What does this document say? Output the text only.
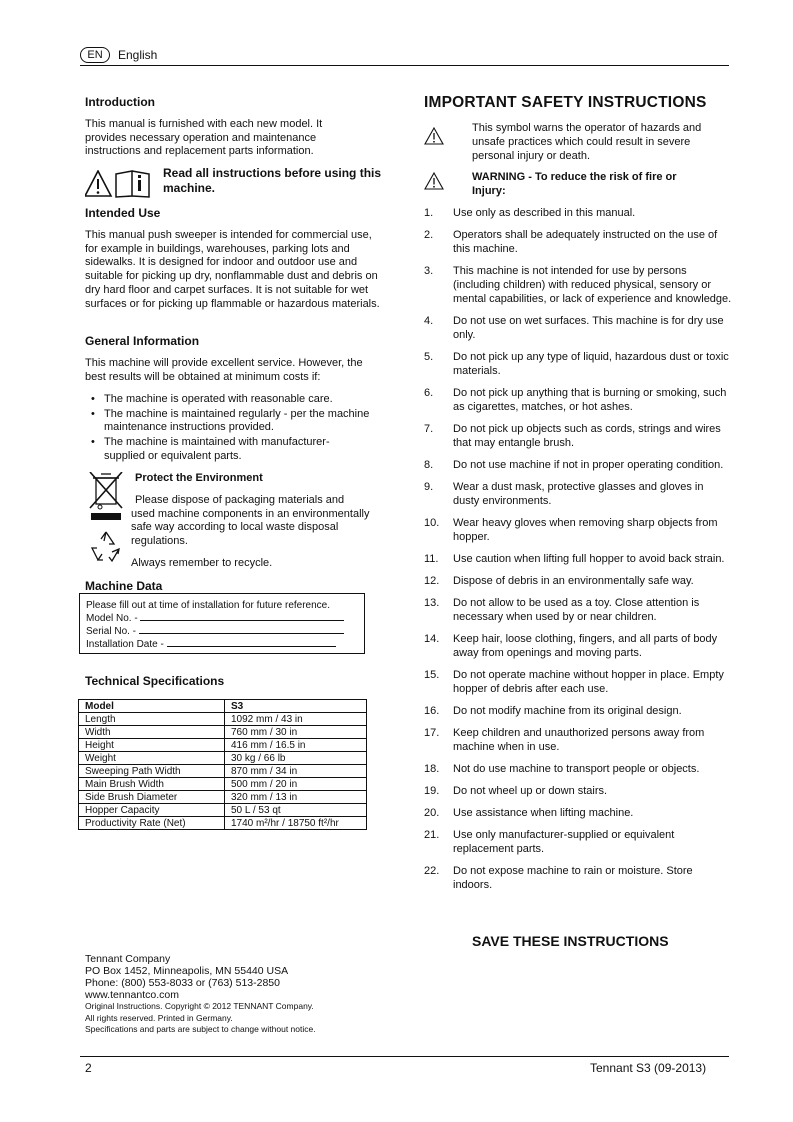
EN	English
Introduction

This manual is furnished with each new model. It provides necessary operation and maintenance instructions and replacement parts information.

Read all instructions before using this machine.
Intended Use

This manual push sweeper is intended for commercial use, for example in buildings, warehouses, parking lots and sidewalks. It is designed for indoor and outdoor use and suitable for picking up dry, nonflammable dust and debris on dry hard floor and carpet surfaces. It is not suitable for wet surfaces or for picking up flammable or hazardous materials.

General Information

This machine will provide excellent service. However, the best results will be obtained at minimum costs if:

• The machine is operated with reasonable care.
• The machine is maintained regularly - per the machine maintenance instructions provided.
• The machine is maintained with manufacturer-supplied or equivalent parts.
Protect the Environment

Please dispose of packaging materials and used machine components in an environmentally safe way according to local waste disposal regulations.

Always remember to recycle.

Machine Data
Please fill out at time of installation for future reference.
Model No. -
Serial No. -
Installation Date -
Technical Specifications
Model	S3
Length	1092 mm / 43 in
Width	760 mm / 30 in
Height	416 mm / 16.5 in
Weight	30 kg / 66 lb
Sweeping Path Width	870 mm / 34 in
Main Brush Width	500 mm / 20 in
Side Brush Diameter	320 mm / 13 in
Hopper Capacity	50 L / 53 qt
Productivity Rate (Net)	1740 m²/hr / 18750 ft²/hr
Tennant Company
PO Box 1452, Minneapolis, MN 55440 USA
Phone: (800) 553-8033 or (763) 513-2850
www.tennantco.com
Original Instructions. Copyright © 2012 TENNANT Company.
All rights reserved. Printed in Germany.
Specifications and parts are subject to change without notice.
IMPORTANT SAFETY INSTRUCTIONS
This symbol warns the operator of hazards and unsafe practices which could result in severe personal injury or death.
WARNING - To reduce the risk of fire or Injury:
1. Use only as described in this manual.
2. Operators shall be adequately instructed on the use of this machine.
3. This machine is not intended for use by persons (including children) with reduced physical, sensory or mental capabilities, or lack of experience and knowledge.
4. Do not use on wet surfaces. This machine is for dry use only.
5. Do not pick up any type of liquid, hazardous dust or toxic materials.
6. Do not pick up anything that is burning or smoking, such as cigarettes, matches, or hot ashes.
7. Do not pick up objects such as cords, strings and wires that may entangle brush.
8. Do not use machine if not in proper operating condition.
9. Wear a dust mask, protective glasses and gloves in dusty environments.
10. Wear heavy gloves when removing sharp objects from hopper.
11. Use caution when lifting full hopper to avoid back strain.
12. Dispose of debris in an environmentally safe way.
13. Do not allow to be used as a toy. Close attention is necessary when used by or near children.
14. Keep hair, loose clothing, fingers, and all parts of body away from openings and moving parts.
15. Do not operate machine without hopper in place. Empty hopper of debris after each use.
16. Do not modify machine from its original design.
17. Keep children and unauthorized persons away from machine when in use.
18. Not do use machine to transport people or objects.
19. Do not wheel up or down stairs.
20. Use assistance when lifting machine.
21. Use only manufacturer-supplied or equivalent replacement parts.
22. Do not expose machine to rain or moisture. Store indoors.
SAVE THESE INSTRUCTIONS
2	Tennant S3 (09-2013)
